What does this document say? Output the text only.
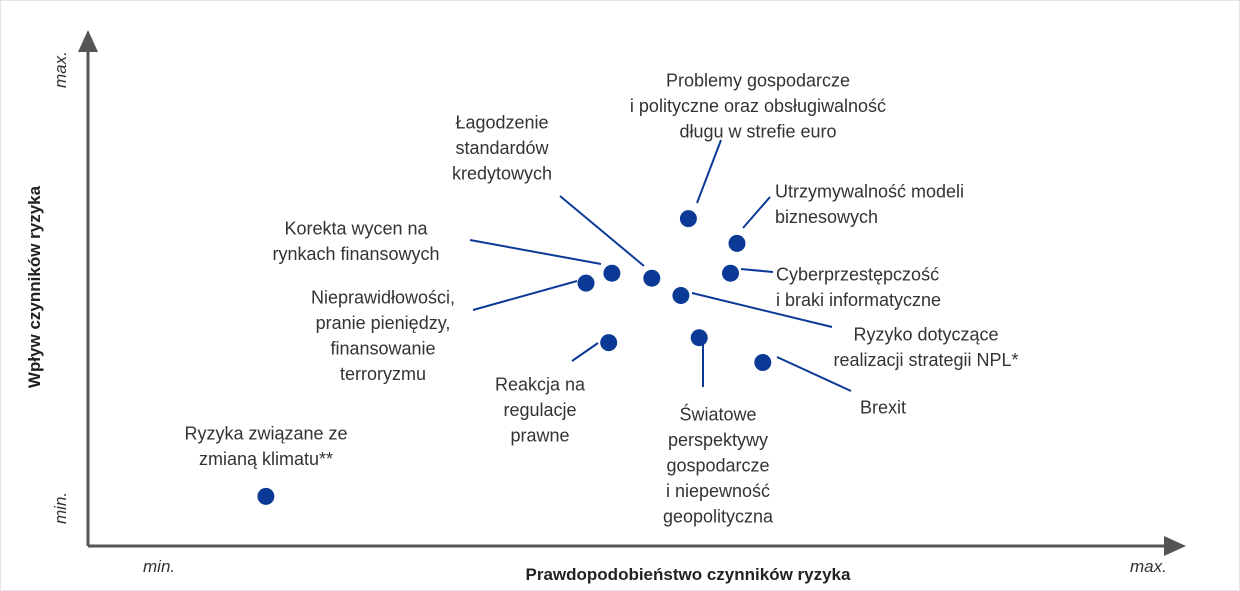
max.
min.
Wpływ czynników ryzyka
min.	max.
Prawdopodobieństwo czynników ryzyka
Problemy gospodarcze i polityczne oraz obsługiwalność długu w strefie euro
Łagodzenie standardów kredytowych
Utrzymywalność modeli biznesowych
Korekta wycen na rynkach finansowych
Cyberprzestępczość i braki informatyczne
Nieprawidłowości, pranie pieniędzy, finansowanie terroryzmu
Ryzyko dotyczące realizacji strategii NPL*
Reakcja na regulacje prawne
Światowe perspektywy gospodarcze i niepewność geopolityczna
Brexit
Ryzyka związane ze zmianą klimatu**
